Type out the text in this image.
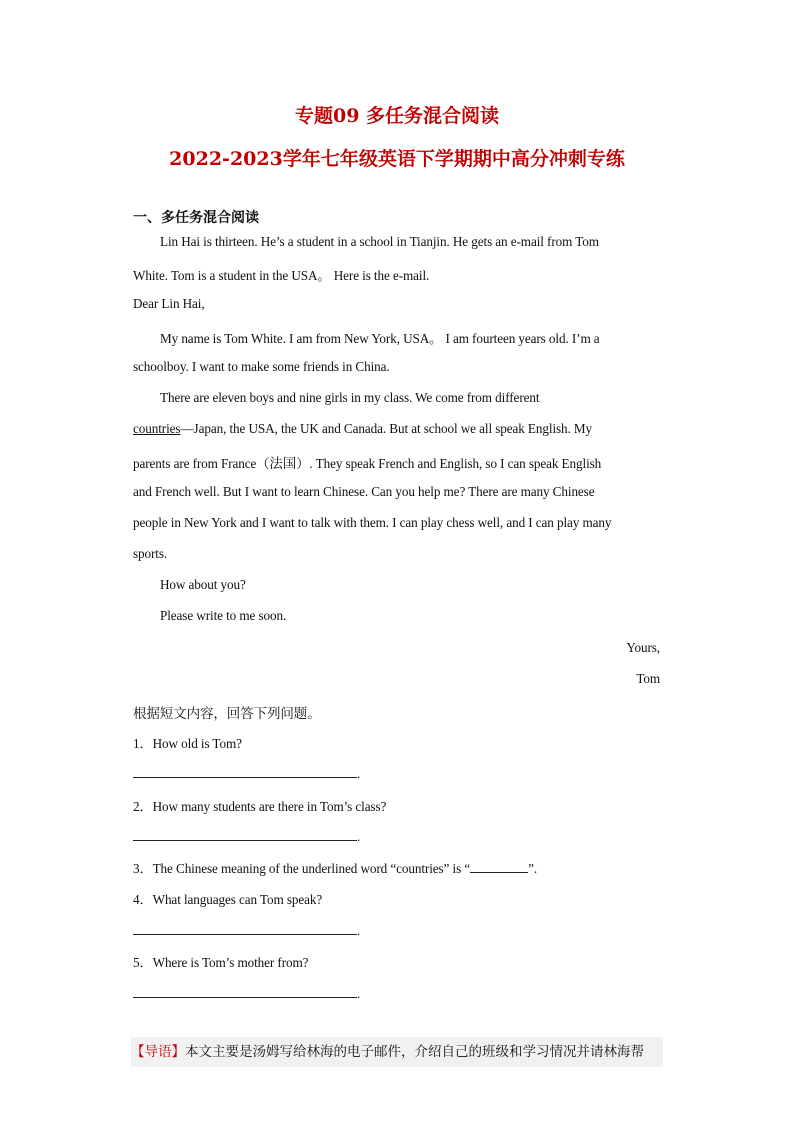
专题09 多任务混合阅读
2022-2023学年七年级英语下学期期中高分冲刺专练
一、多任务混合阅读
Lin Hai is thirteen. He’s a student in a school in Tianjin. He gets an e-mail from Tom
White. Tom is a student in the USA。 Here is the e-mail.
Dear Lin Hai,
My name is Tom White. I am from New York, USA。 I am fourteen years old. I’m a
schoolboy. I want to make some friends in China.
There are eleven boys and nine girls in my class. We come from different
countries—Japan, the USA, the UK and Canada. But at school we all speak English. My
parents are from France（法国）. They speak French and English, so I can speak English
and French well. But I want to learn Chinese. Can you help me? There are many Chinese
people in New York and I want to talk with them. I can play chess well, and I can play many
sports.
How about you?
Please write to me soon.
Yours,
Tom
根据短文内容，回答下列问题。
1．How old is Tom?
.
2．How many students are there in Tom’s class?
.
3．The Chinese meaning of the underlined word “countries” is “	”.
4．What languages can Tom speak?
.
5．Where is Tom’s mother from?
.
【导语】本文主要是汤姆写给林海的电子邮件，介绍自己的班级和学习情况并请林海帮
